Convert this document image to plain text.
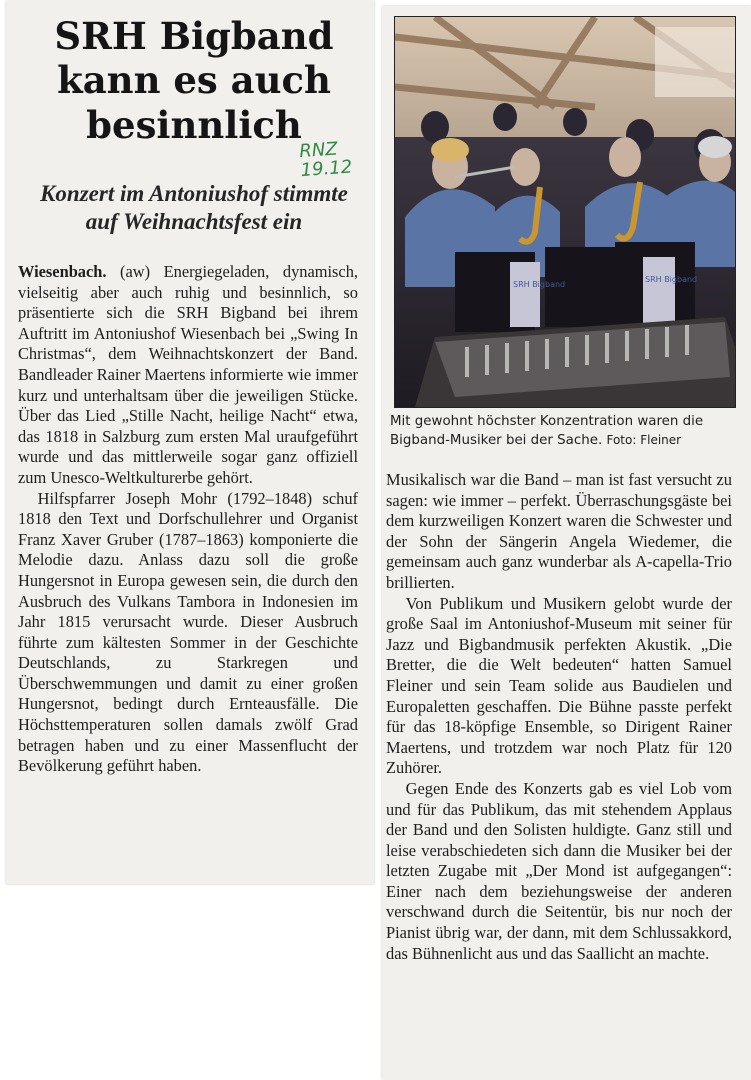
SRH Bigband kann es auch besinnlich
Konzert im Antoniushof stimmte auf Weihnachtsfest ein
RNZ 19.12

Wiesenbach. (aw) Energiegeladen, dynamisch, vielseitig aber auch ruhig und besinnlich, so präsentierte sich die SRH Bigband bei ihrem Auftritt im Antoniushof Wiesenbach bei „Swing In Christmas“, dem Weihnachtskonzert der Band. Bandleader Rainer Maertens informierte wie immer kurz und unterhaltsam über die jeweiligen Stücke. Über das Lied „Stille Nacht, heilige Nacht“ etwa, das 1818 in Salzburg zum ersten Mal uraufgeführt wurde und das mittlerweile sogar ganz offiziell zum Unesco-Weltkulturerbe gehört.

Hilfspfarrer Joseph Mohr (1792–1848) schuf 1818 den Text und Dorfschullehrer und Organist Franz Xaver Gruber (1787–1863) komponierte die Melodie dazu. Anlass dazu soll die große Hungersnot in Europa gewesen sein, die durch den Ausbruch des Vulkans Tambora in Indonesien im Jahr 1815 verursacht wurde. Dieser Ausbruch führte zum kältesten Sommer in der Geschichte Deutschlands, zu Starkregen und Überschwemmungen und damit zu einer großen Hungersnot, bedingt durch Ernteausfälle. Die Höchsttemperaturen sollen damals zwölf Grad betragen haben und zu einer Massenflucht der Bevölkerung geführt haben.

SRH Bigband
SRH Bigband

Mit gewohnt höchster Konzentration waren die Bigband-Musiker bei der Sache. Foto: Fleiner

Musikalisch war die Band – man ist fast versucht zu sagen: wie immer – perfekt. Überraschungsgäste bei dem kurzweiligen Konzert waren die Schwester und der Sohn der Sängerin Angela Wiedemer, die gemeinsam auch ganz wunderbar als A-capella-Trio brillierten.

Von Publikum und Musikern gelobt wurde der große Saal im Antoniushof-Museum mit seiner für Jazz und Bigbandmusik perfekten Akustik. „Die Bretter, die die Welt bedeuten“ hatten Samuel Fleiner und sein Team solide aus Baudielen und Europaletten geschaffen. Die Bühne passte perfekt für das 18-köpfige Ensemble, so Dirigent Rainer Maertens, und trotzdem war noch Platz für 120 Zuhörer.

Gegen Ende des Konzerts gab es viel Lob vom und für das Publikum, das mit stehendem Applaus der Band und den Solisten huldigte. Ganz still und leise verabschiedeten sich dann die Musiker bei der letzten Zugabe mit „Der Mond ist aufgegangen“: Einer nach dem beziehungsweise der anderen verschwand durch die Seitentür, bis nur noch der Pianist übrig war, der dann, mit dem Schlussakkord, das Bühnenlicht aus und das Saallicht an machte.
